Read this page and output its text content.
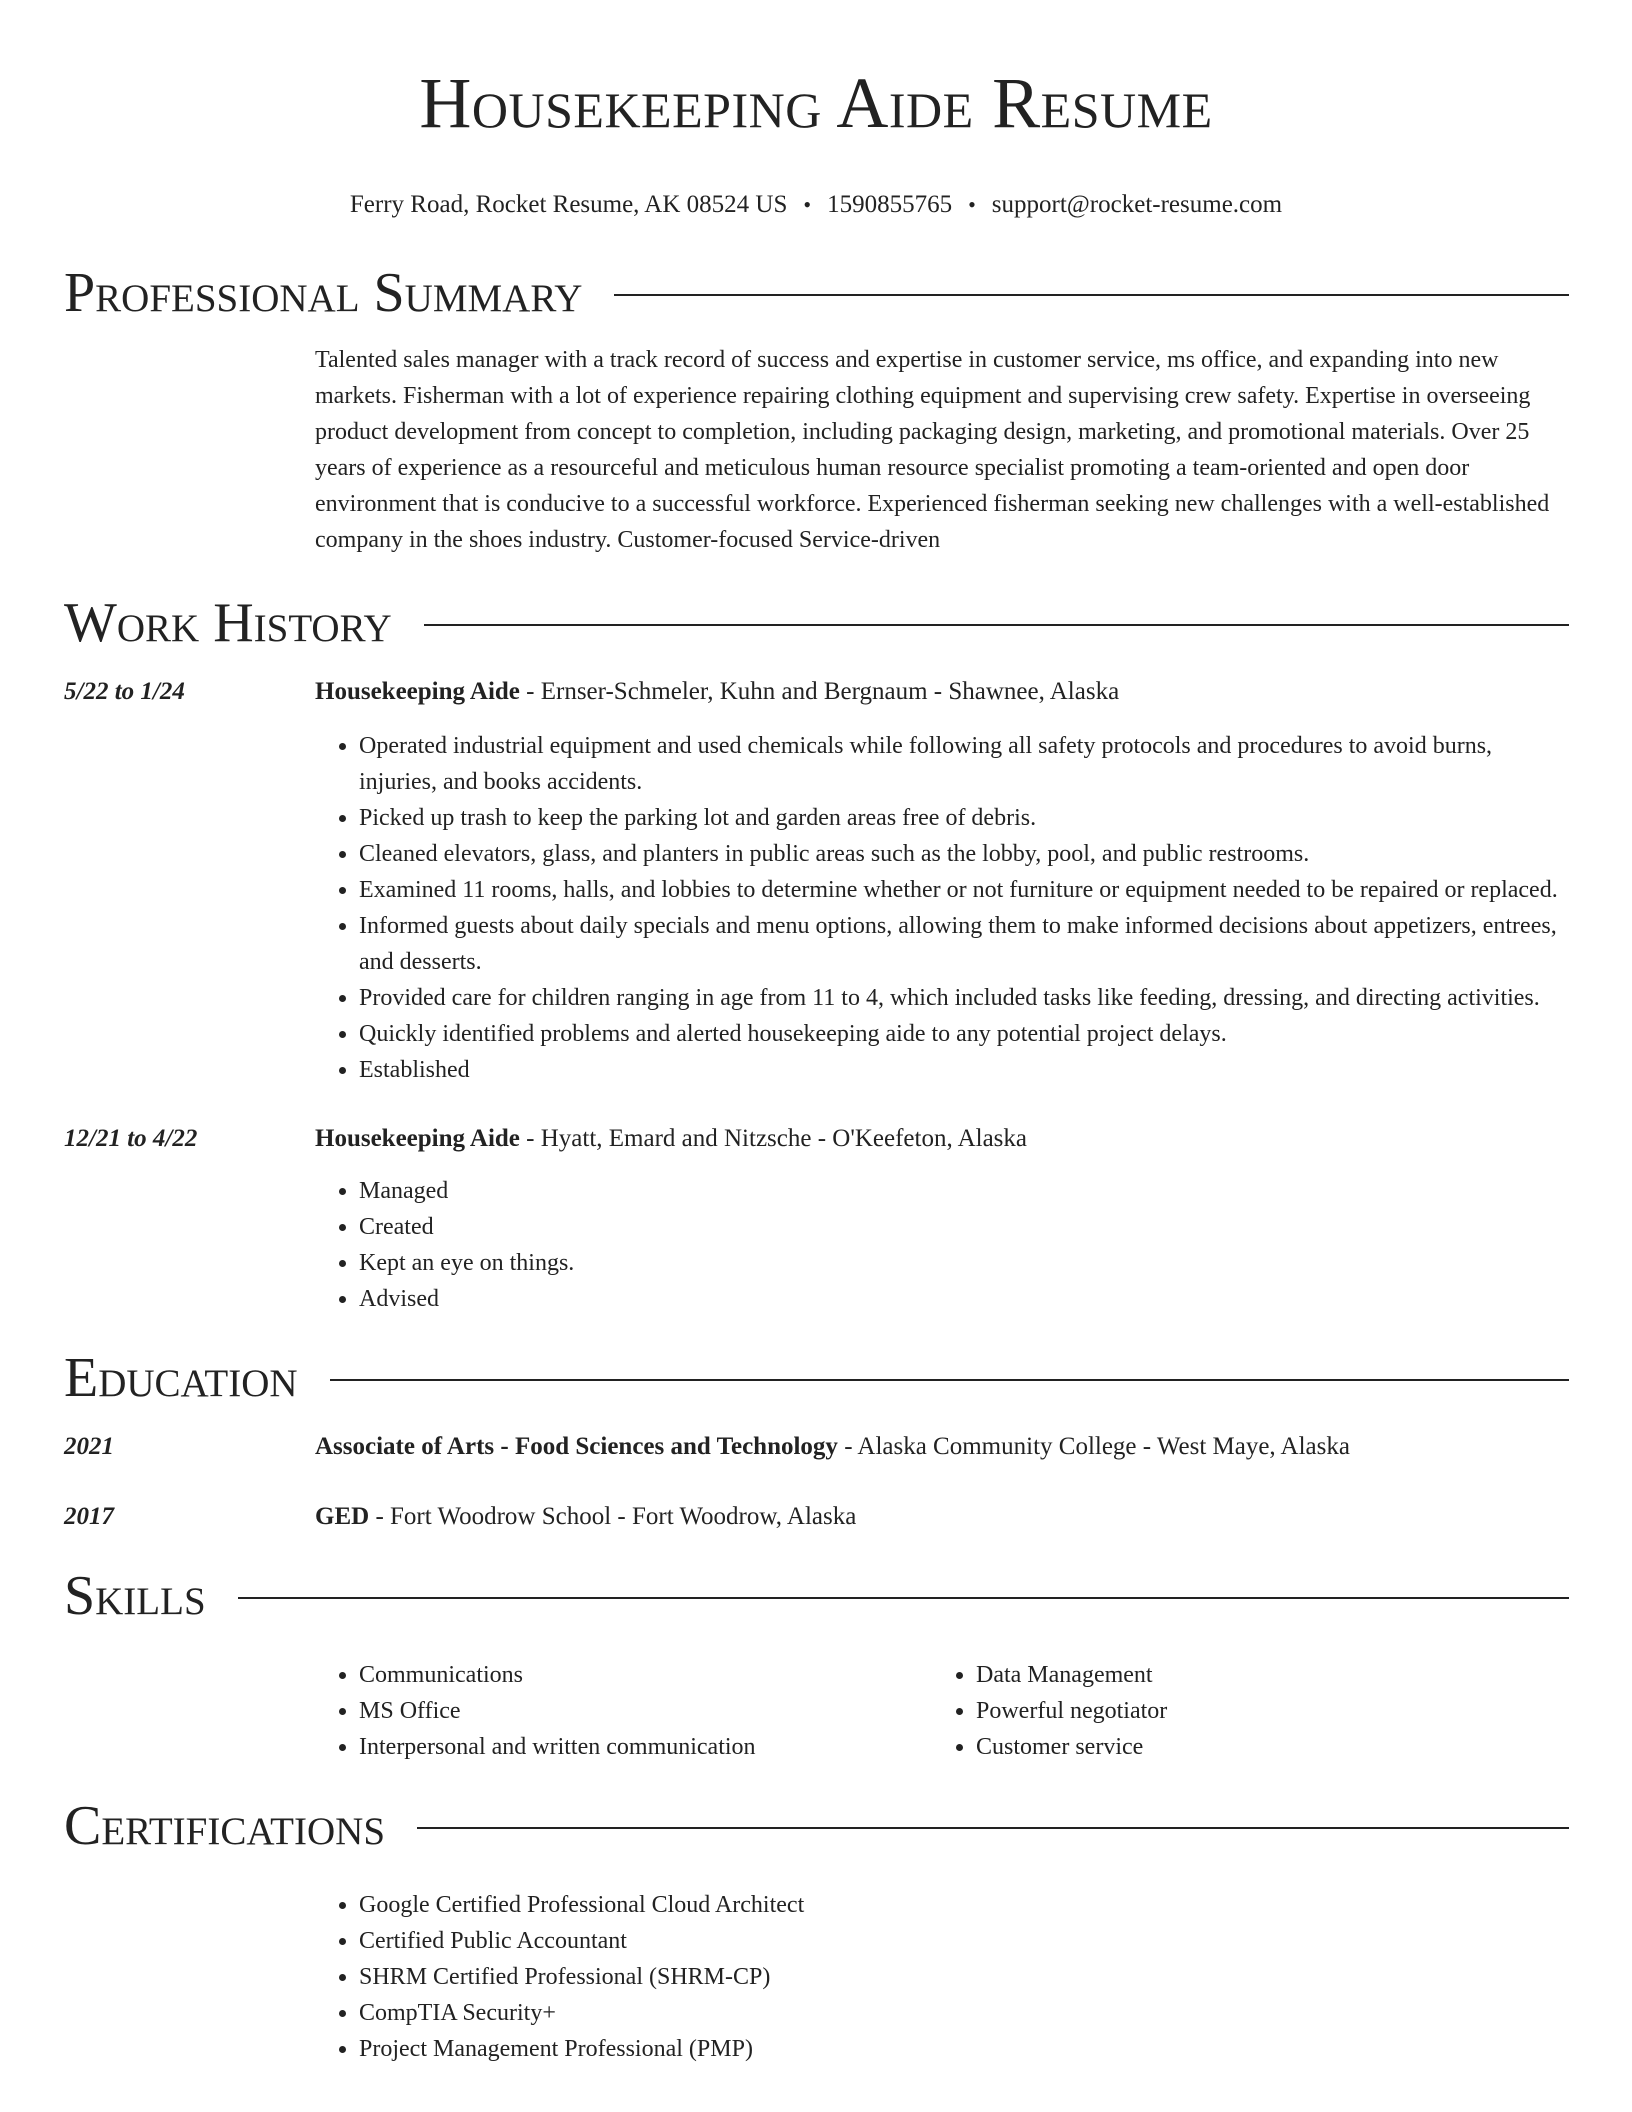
Housekeeping Aide Resume
Ferry Road, Rocket Resume, AK 08524 US • 1590855765 • support@rocket-resume.com
Professional Summary
Talented sales manager with a track record of success and expertise in customer service, ms office, and expanding into new markets. Fisherman with a lot of experience repairing clothing equipment and supervising crew safety. Expertise in overseeing product development from concept to completion, including packaging design, marketing, and promotional materials. Over 25 years of experience as a resourceful and meticulous human resource specialist promoting a team-oriented and open door environment that is conducive to a successful workforce. Experienced fisherman seeking new challenges with a well-established company in the shoes industry. Customer-focused Service-driven
Work History
5/22 to 1/24	Housekeeping Aide - Ernser-Schmeler, Kuhn and Bergnaum - Shawnee, Alaska
• Operated industrial equipment and used chemicals while following all safety protocols and procedures to avoid burns, injuries, and books accidents.
• Picked up trash to keep the parking lot and garden areas free of debris.
• Cleaned elevators, glass, and planters in public areas such as the lobby, pool, and public restrooms.
• Examined 11 rooms, halls, and lobbies to determine whether or not furniture or equipment needed to be repaired or replaced.
• Informed guests about daily specials and menu options, allowing them to make informed decisions about appetizers, entrees, and desserts.
• Provided care for children ranging in age from 11 to 4, which included tasks like feeding, dressing, and directing activities.
• Quickly identified problems and alerted housekeeping aide to any potential project delays.
• Established
12/21 to 4/22	Housekeeping Aide - Hyatt, Emard and Nitzsche - O'Keefeton, Alaska
• Managed
• Created
• Kept an eye on things.
• Advised
Education
2021	Associate of Arts - Food Sciences and Technology - Alaska Community College - West Maye, Alaska
2017	GED - Fort Woodrow School - Fort Woodrow, Alaska
Skills
• Communications
• MS Office
• Interpersonal and written communication
• Data Management
• Powerful negotiator
• Customer service
Certifications
• Google Certified Professional Cloud Architect
• Certified Public Accountant
• SHRM Certified Professional (SHRM-CP)
• CompTIA Security+
• Project Management Professional (PMP)
